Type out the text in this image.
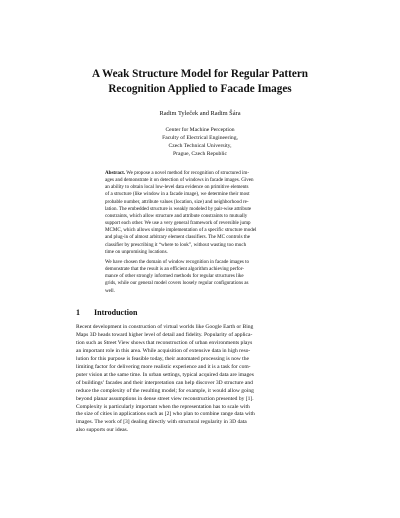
A Weak Structure Model for Regular Pattern
Recognition Applied to Facade Images
Radim Tyleček and Radim Šára
Center for Machine Perception
Faculty of Electrical Engineering,
Czech Technical University,
Prague, Czech Republic
Abstract. We propose a novel method for recognition of structured im-
ages and demonstrate it on detection of windows in facade images. Given
an ability to obtain local low-level data evidence on primitive elements
of a structure (like window in a facade image), we determine their most
probable number, attribute values (location, size) and neighborhood re-
lation. The embedded structure is weakly modeled by pair-wise attribute
constraints, which allow structure and attribute constraints to mutually
support each other. We use a very general framework of reversible jump
MCMC, which allows simple implementation of a specific structure model
and plug-in of almost arbitrary element classifiers. The MC controls the
classifier by prescribing it “where to look”, without wasting too much
time on unpromising locations.
We have chosen the domain of window recognition in facade images to
demonstrate that the result is an efficient algorithm achieving perfor-
mance of other strongly informed methods for regular structures like
grids, while our general model covers loosely regular configurations as
well.
1 Introduction
Recent development in construction of virtual worlds like Google Earth or Bing
Maps 3D heads toward higher level of detail and fidelity. Popularity of applica-
tion such as Street View shows that reconstruction of urban environments plays
an important role in this area. While acquisition of extensive data in high reso-
lution for this purpose is feasible today, their automated processing is now the
limiting factor for delivering more realistic experience and it is a task for com-
puter vision at the same time. In urban settings, typical acquired data are images
of buildings’ facades and their interpretation can help discover 3D structure and
reduce the complexity of the resulting model; for example, it would allow going
beyond planar assumptions in dense street view reconstruction presented by [1].
Complexity is particularly important when the representation has to scale with
the size of cities in applications such as [2] who plan to combine range data with
images. The work of [3] dealing directly with structural regularity in 3D data
also supports our ideas.
